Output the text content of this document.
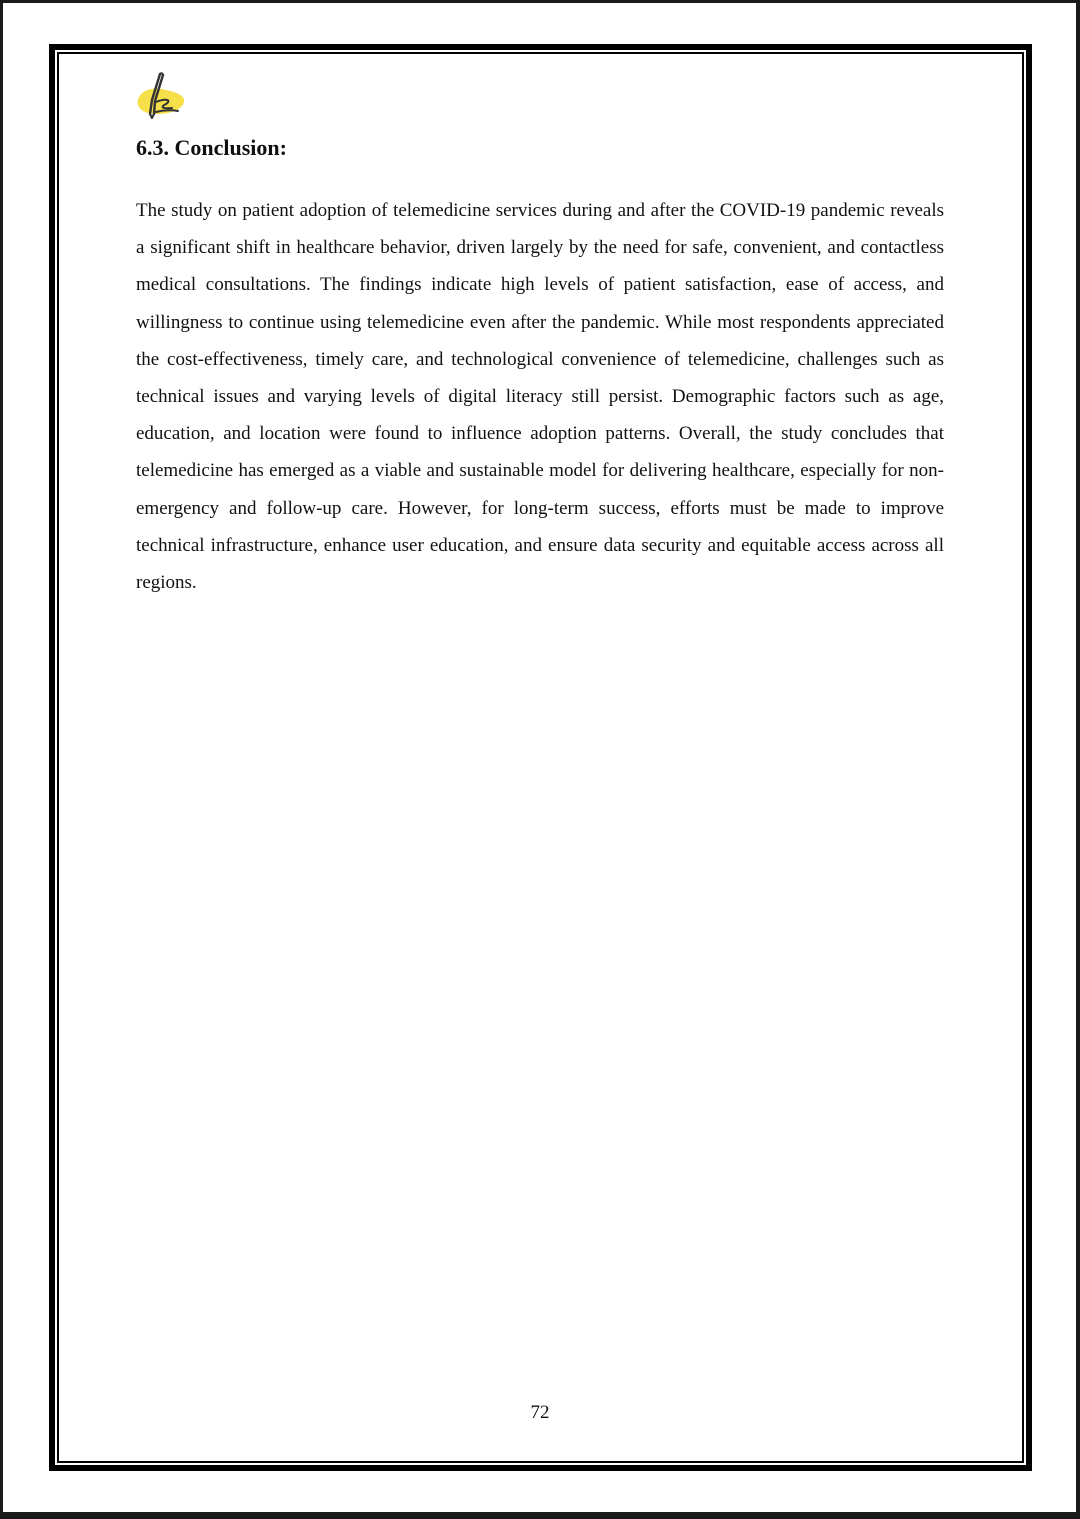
6.3. Conclusion:

The study on patient adoption of telemedicine services during and after the COVID-19 pandemic reveals a significant shift in healthcare behavior, driven largely by the need for safe, convenient, and contactless medical consultations. The findings indicate high levels of patient satisfaction, ease of access, and willingness to continue using telemedicine even after the pandemic. While most respondents appreciated the cost-effectiveness, timely care, and technological convenience of telemedicine, challenges such as technical issues and varying levels of digital literacy still persist. Demographic factors such as age, education, and location were found to influence adoption patterns. Overall, the study concludes that telemedicine has emerged as a viable and sustainable model for delivering healthcare, especially for non-emergency and follow-up care. However, for long-term success, efforts must be made to improve technical infrastructure, enhance user education, and ensure data security and equitable access across all regions.

72
